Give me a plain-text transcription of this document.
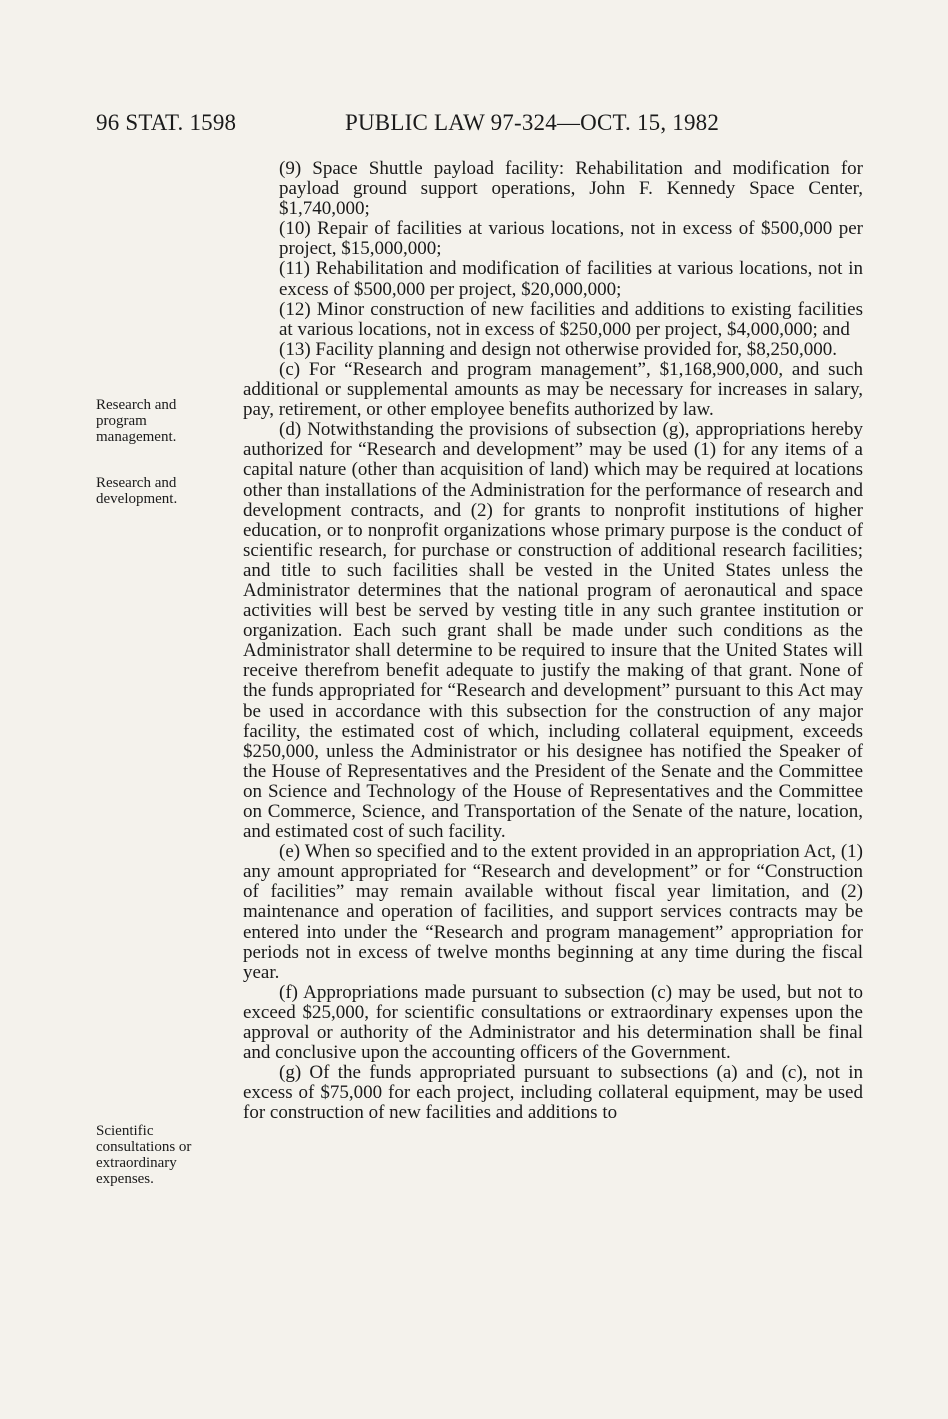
96 STAT. 1598	PUBLIC LAW 97-324—OCT. 15, 1982
Research and program management.
Research and development.
Scientific consultations or extraordinary expenses.

(9) Space Shuttle payload facility: Rehabilitation and modification for payload ground support operations, John F. Kennedy Space Center, $1,740,000;

(10) Repair of facilities at various locations, not in excess of $500,000 per project, $15,000,000;

(11) Rehabilitation and modification of facilities at various locations, not in excess of $500,000 per project, $20,000,000;

(12) Minor construction of new facilities and additions to existing facilities at various locations, not in excess of $250,000 per project, $4,000,000; and

(13) Facility planning and design not otherwise provided for, $8,250,000.

(c) For “Research and program management”, $1,168,900,000, and such additional or supplemental amounts as may be necessary for increases in salary, pay, retirement, or other employee benefits authorized by law.

(d) Notwithstanding the provisions of subsection (g), appropriations hereby authorized for “Research and development” may be used (1) for any items of a capital nature (other than acquisition of land) which may be required at locations other than installations of the Administration for the performance of research and development contracts, and (2) for grants to nonprofit institutions of higher education, or to nonprofit organizations whose primary purpose is the conduct of scientific research, for purchase or construction of additional research facilities; and title to such facilities shall be vested in the United States unless the Administrator determines that the national program of aeronautical and space activities will best be served by vesting title in any such grantee institution or organization. Each such grant shall be made under such conditions as the Administrator shall determine to be required to insure that the United States will receive therefrom benefit adequate to justify the making of that grant. None of the funds appropriated for “Research and development” pursuant to this Act may be used in accordance with this subsection for the construction of any major facility, the estimated cost of which, including collateral equipment, exceeds $250,000, unless the Administrator or his designee has notified the Speaker of the House of Representatives and the President of the Senate and the Committee on Science and Technology of the House of Representatives and the Committee on Commerce, Science, and Transportation of the Senate of the nature, location, and estimated cost of such facility.

(e) When so specified and to the extent provided in an appropriation Act, (1) any amount appropriated for “Research and development” or for “Construction of facilities” may remain available without fiscal year limitation, and (2) maintenance and operation of facilities, and support services contracts may be entered into under the “Research and program management” appropriation for periods not in excess of twelve months beginning at any time during the fiscal year.

(f) Appropriations made pursuant to subsection (c) may be used, but not to exceed $25,000, for scientific consultations or extraordinary expenses upon the approval or authority of the Administrator and his determination shall be final and conclusive upon the accounting officers of the Government.

(g) Of the funds appropriated pursuant to subsections (a) and (c), not in excess of $75,000 for each project, including collateral equipment, may be used for construction of new facilities and additions to
